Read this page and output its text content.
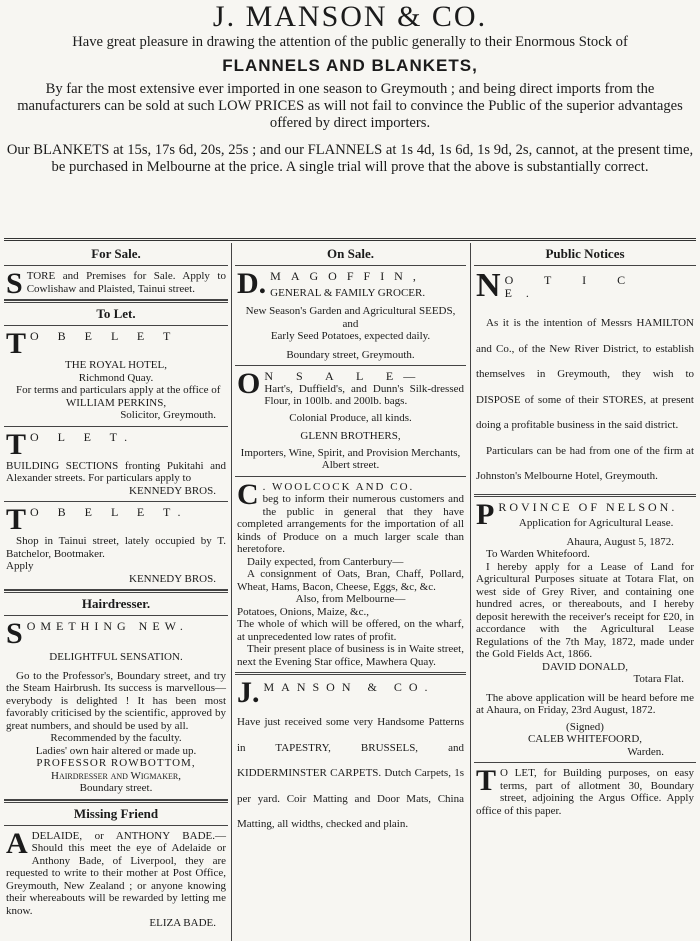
J. MANSON & CO.
Have great pleasure in drawing the attention of the public generally to their Enormous Stock of
FLANNELS AND BLANKETS,
By far the most extensive ever imported in one season to Greymouth ; and being direct imports from the manufacturers can be sold at such LOW PRICES as will not fail to convince the Public of the superior advantages offered by direct importers.
Our BLANKETS at 15s, 17s 6d, 20s, 25s ; and our FLANNELS at 1s 4d, 1s 6d, 1s 9d, 2s, cannot, at the present time, be purchased in Melbourne at the price. A single trial will prove that the above is substantially correct.
For Sale.
S TORE and Premises for Sale. Apply to Cowlishaw and Plaisted, Tainui street.
To Let.
T O B E L E T
THE ROYAL HOTEL,
Richmond Quay.
For terms and particulars apply at the office of
WILLIAM PERKINS,
Solicitor, Greymouth.
T O L E T.
BUILDING SECTIONS fronting Pukitahi and Alexander streets. For particulars apply to
KENNEDY BROS.
T O B E L E T.
Shop in Tainui street, lately occupied by T. Batchelor, Bootmaker.
Apply
KENNEDY BROS.
Hairdresser.
S OMETHING NEW.
DELIGHTFUL SENSATION.
Go to the Professor's, Boundary street, and try the Steam Hairbrush. Its success is marvellous—everybody is delighted ! It has been most favorably criticised by the scientific, approved by great numbers, and should be used by all.
Recommended by the faculty.
Ladies' own hair altered or made up.
PROFESSOR ROWBOTTOM,
Hairdresser and Wigmaker,
Boundary street.
Missing Friend
A DELAIDE, or ANTHONY BADE.—Should this meet the eye of Adelaide or Anthony Bade, of Liverpool, they are requested to write to their mother at Post Office, Greymouth, New Zealand ; or anyone knowing their whereabouts will be rewarded by letting me know.
ELIZA BADE.
On Sale.
D. MAGOFFIN,
GENERAL & FAMILY GROCER.
New Season's Garden and Agricultural SEEDS, and
Early Seed Potatoes, expected daily.
Boundary street, Greymouth.
O N S A L E—
Hart's, Duffield's, and Dunn's Silk-dressed Flour, in 100lb. and 200lb. bags.
Colonial Produce, all kinds.
GLENN BROTHERS,
Importers, Wine, Spirit, and Provision Merchants, Albert street.
C . WOOLCOCK AND CO.
beg to inform their numerous customers and the public in general that they have completed arrangements for the importation of all kinds of Produce on a much larger scale than heretofore.
Daily expected, from Canterbury—
A consignment of Oats, Bran, Chaff, Pollard, Wheat, Hams, Bacon, Cheese, Eggs, &c, &c.
Also, from Melbourne—
Potatoes, Onions, Maize, &c.,
The whole of which will be offered, on the wharf, at unprecedented low rates of profit.
Their present place of business is in Waite street, next the Evening Star office, Mawhera Quay.
J. MANSON & CO.
Have just received some very Handsome Patterns in TAPESTRY, BRUSSELS, and KIDDERMINSTER CARPETS. Dutch Carpets, 1s per yard. Coir Matting and Door Mats, China Matting, all widths, checked and plain.
Public Notices
N O T I C E.
As it is the intention of Messrs HAMILTON and Co., of the New River District, to establish themselves in Greymouth, they wish to DISPOSE of some of their STORES, at present doing a profitable business in the said district.
Particulars can be had from one of the firm at Johnston's Melbourne Hotel, Greymouth.
P ROVINCE OF NELSON.
Application for Agricultural Lease.
Ahaura, August 5, 1872.
To Warden Whitefoord.
I hereby apply for a Lease of Land for Agricultural Purposes situate at Totara Flat, on west side of Grey River, and containing one hundred acres, or thereabouts, and I hereby deposit herewith the receiver's receipt for £20, in accordance with the Agricultural Lease Regulations of the 7th May, 1872, made under the Gold Fields Act, 1866.
DAVID DONALD,
Totara Flat.
The above application will be heard before me at Ahaura, on Friday, 23rd August, 1872.
(Signed)
CALEB WHITEFOORD,
Warden.
T O LET, for Building purposes, on easy terms, part of allotment 30, Boundary street, adjoining the Argus Office. Apply office of this paper.
